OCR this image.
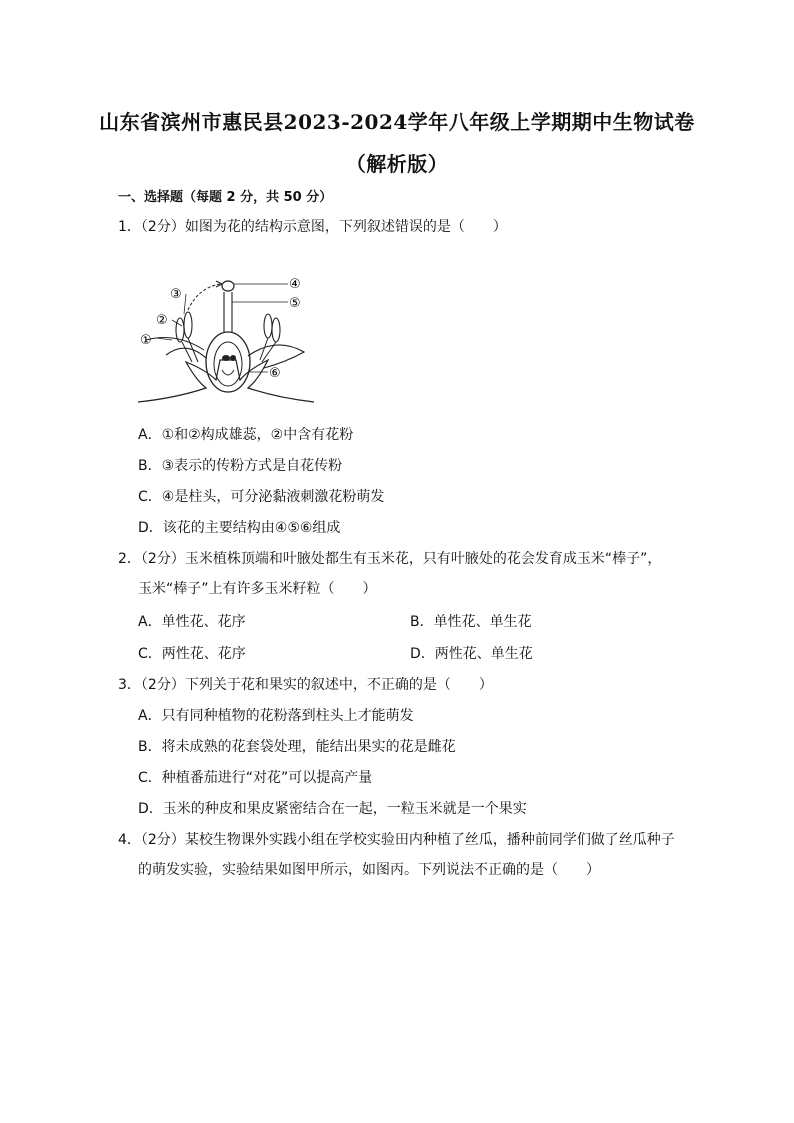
山东省滨州市惠民县2023-2024学年八年级上学期期中生物试卷
（解析版）
一、选择题（每题 2 分，共 50 分）
1．（2分）如图为花的结构示意图，下列叙述错误的是（　　）
①
②
③
④
⑤
⑥
A．①和②构成雄蕊，②中含有花粉
B．③表示的传粉方式是自花传粉
C．④是柱头，可分泌黏液刺激花粉萌发
D．该花的主要结构由④⑤⑥组成
2．（2分）玉米植株顶端和叶腋处都生有玉米花，只有叶腋处的花会发育成玉米“棒子”，
玉米“棒子”上有许多玉米籽粒（　　）
A．单性花、花序	B．单性花、单生花
C．两性花、花序	D．两性花、单生花
3．（2分）下列关于花和果实的叙述中，不正确的是（　　）
A．只有同种植物的花粉落到柱头上才能萌发
B．将未成熟的花套袋处理，能结出果实的花是雌花
C．种植番茄进行“对花”可以提高产量
D．玉米的种皮和果皮紧密结合在一起，一粒玉米就是一个果实
4．（2分）某校生物课外实践小组在学校实验田内种植了丝瓜，播种前同学们做了丝瓜种子
的萌发实验，实验结果如图甲所示，如图丙。下列说法不正确的是（　　）
